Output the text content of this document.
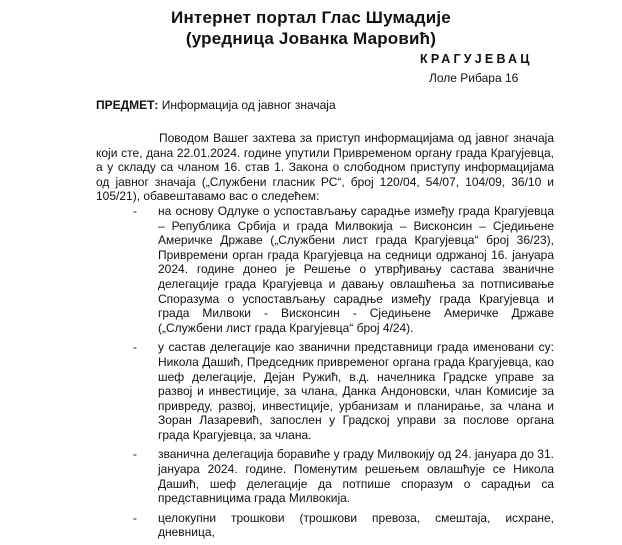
Интернет портал Глас Шумадије
(уредница Јованка Маровић)
КРАГУЈЕВАЦ
Лоле Рибара 16
ПРЕДМЕТ: Информација од јавног значаја

Поводом Вашег захтева за приступ информацијама од јавног значаја који сте, дана 22.01.2024. године упутили Привременом органу града Крагујевца, а у складу са чланом 16. став 1. Закона о слободном приступу информацијама од јавног значаја („Службени гласник РС“, број 120/04, 54/07, 104/09, 36/10 и 105/21), обавештавамо вас о следећем:

- на основу Одлуке о успостављању сарадње између града Крагујевца – Република Србија и града Милвокија – Висконсин – Сједињене Америчке Државе („Службени лист града Крагујевца“ број 36/23), Привремени орган града Крагујевца на седници одржаној 16. јануара 2024. године донео је Решење о утврђивању састава званичне делегације града Крагујевца и давању овлашћења за потписивање Споразума о успостављању сарадње између града Крагујевца и града Милвоки - Висконсин - Сједињене Америчке Државе („Службени лист града Крагујевца“ број 4/24).
- у састав делегације као званични представници града именовани су: Никола Дашић, Председник привременог органа града Крагујевца, као шеф делегације, Дејан Ружић, в.д. начелника Градске управе за развој и инвестиције, за члана, Данка Андоновски, члан Комисије за привреду, развој, инвестиције, урбанизам и планирање, за члана и Зоран Лазаревић, запослен у Градској управи за послове органа града Крагујевца, за члана.
- званична делегација боравиће у граду Милвокију од 24. јануара до 31. јануара 2024. године. Поменутим решењем овлашћује се Никола Дашић, шеф делегације да потпише споразум о сарадњи са представницима града Милвокија.
- целокупни трошкови (трошкови превоза, смештаја, исхране, дневница,
